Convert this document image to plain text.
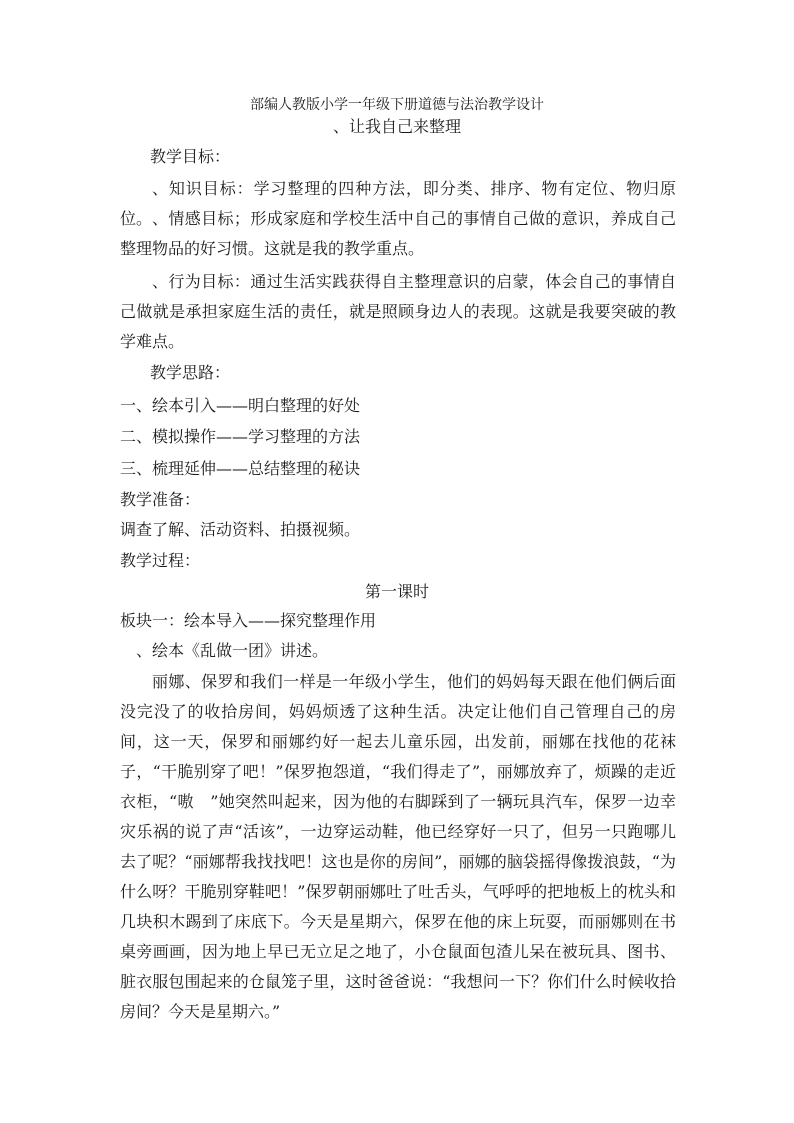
部编人教版小学一年级下册道德与法治教学设计
、让我自己来整理
教学目标：
、知识目标：学习整理的四种方法，即分类、排序、物有定位、物归原位。 、情感目标；形成家庭和学校生活中自己的事情自己做的意识，养成自己整理物品的好习惯。这就是我的教学重点。
、行为目标：通过生活实践获得自主整理意识的启蒙，体会自己的事情自己做就是承担家庭生活的责任，就是照顾身边人的表现。这就是我要突破的教学难点。
教学思路：
一、绘本引入——明白整理的好处
二、模拟操作——学习整理的方法
三、梳理延伸——总结整理的秘诀
教学准备：
调查了解、活动资料、拍摄视频。
教学过程：
第一课时
板块一：绘本导入——探究整理作用
、绘本《乱做一团》讲述。
丽娜、保罗和我们一样是一年级小学生，他们的妈妈每天跟在他们俩后面没完没了的收拾房间，妈妈烦透了这种生活。决定让他们自己管理自己的房间，这一天，保罗和丽娜约好一起去儿童乐园，出发前，丽娜在找他的花袜子，“干脆别穿了吧！”保罗抱怨道，“我们得走了”，丽娜放弃了，烦躁的走近衣柜，“嗷　”她突然叫起来，因为他的右脚踩到了一辆玩具汽车，保罗一边幸灾乐祸的说了声“活该”，一边穿运动鞋，他已经穿好一只了，但另一只跑哪儿去了呢？“丽娜帮我找找吧！这也是你的房间”，丽娜的脑袋摇得像拨浪鼓，“为什么呀？干脆别穿鞋吧！”保罗朝丽娜吐了吐舌头，气呼呼的把地板上的枕头和几块积木踢到了床底下。今天是星期六，保罗在他的床上玩耍，而丽娜则在书桌旁画画，因为地上早已无立足之地了，小仓鼠面包渣儿呆在被玩具、图书、脏衣服包围起来的仓鼠笼子里，这时爸爸说：“我想问一下？你们什么时候收拾房间？今天是星期六。”
